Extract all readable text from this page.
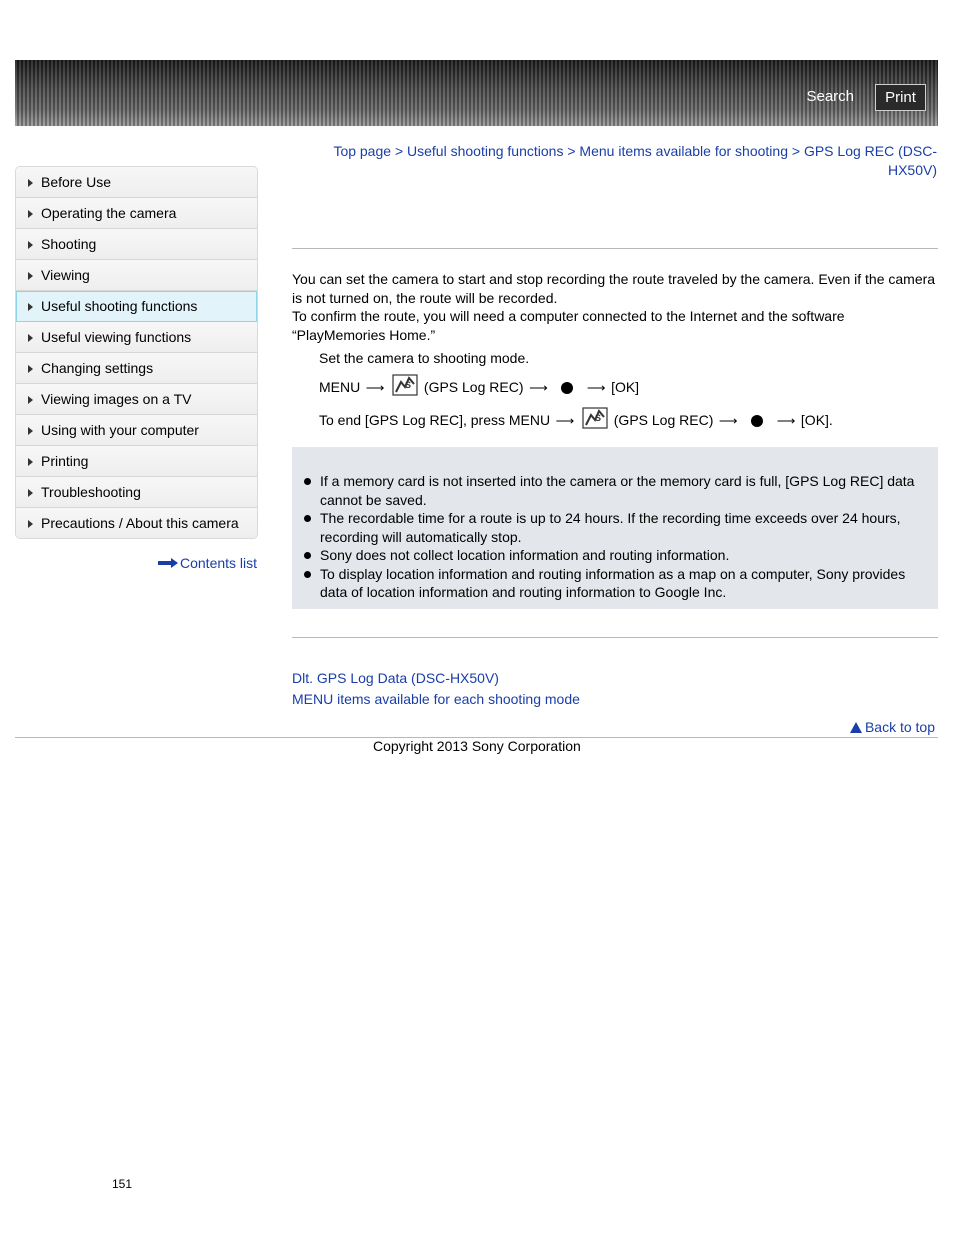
Search	Print
Top page > Useful shooting functions > Menu items available for shooting > GPS Log REC (DSC-HX50V)
Before Use
Operating the camera
Shooting
Viewing
Useful shooting functions
Useful viewing functions
Changing settings
Viewing images on a TV
Using with your computer
Printing
Troubleshooting
Precautions / About this camera
Contents list
You can set the camera to start and stop recording the route traveled by the camera. Even if the camera is not turned on, the route will be recorded.
To confirm the route, you will need a computer connected to the Internet and the software “PlayMemories Home.”
Set the camera to shooting mode.
MENU ⟶ S (GPS Log REC) ⟶	⟶ [OK]
To end [GPS Log REC], press MENU ⟶ S (GPS Log REC) ⟶	⟶ [OK].
If a memory card is not inserted into the camera or the memory card is full, [GPS Log REC] data cannot be saved.
The recordable time for a route is up to 24 hours. If the recording time exceeds over 24 hours, recording will automatically stop.
Sony does not collect location information and routing information.
To display location information and routing information as a map on a computer, Sony provides data of location information and routing information to Google Inc.
Dlt. GPS Log Data (DSC-HX50V)
MENU items available for each shooting mode
Back to top
Copyright 2013 Sony Corporation
151
